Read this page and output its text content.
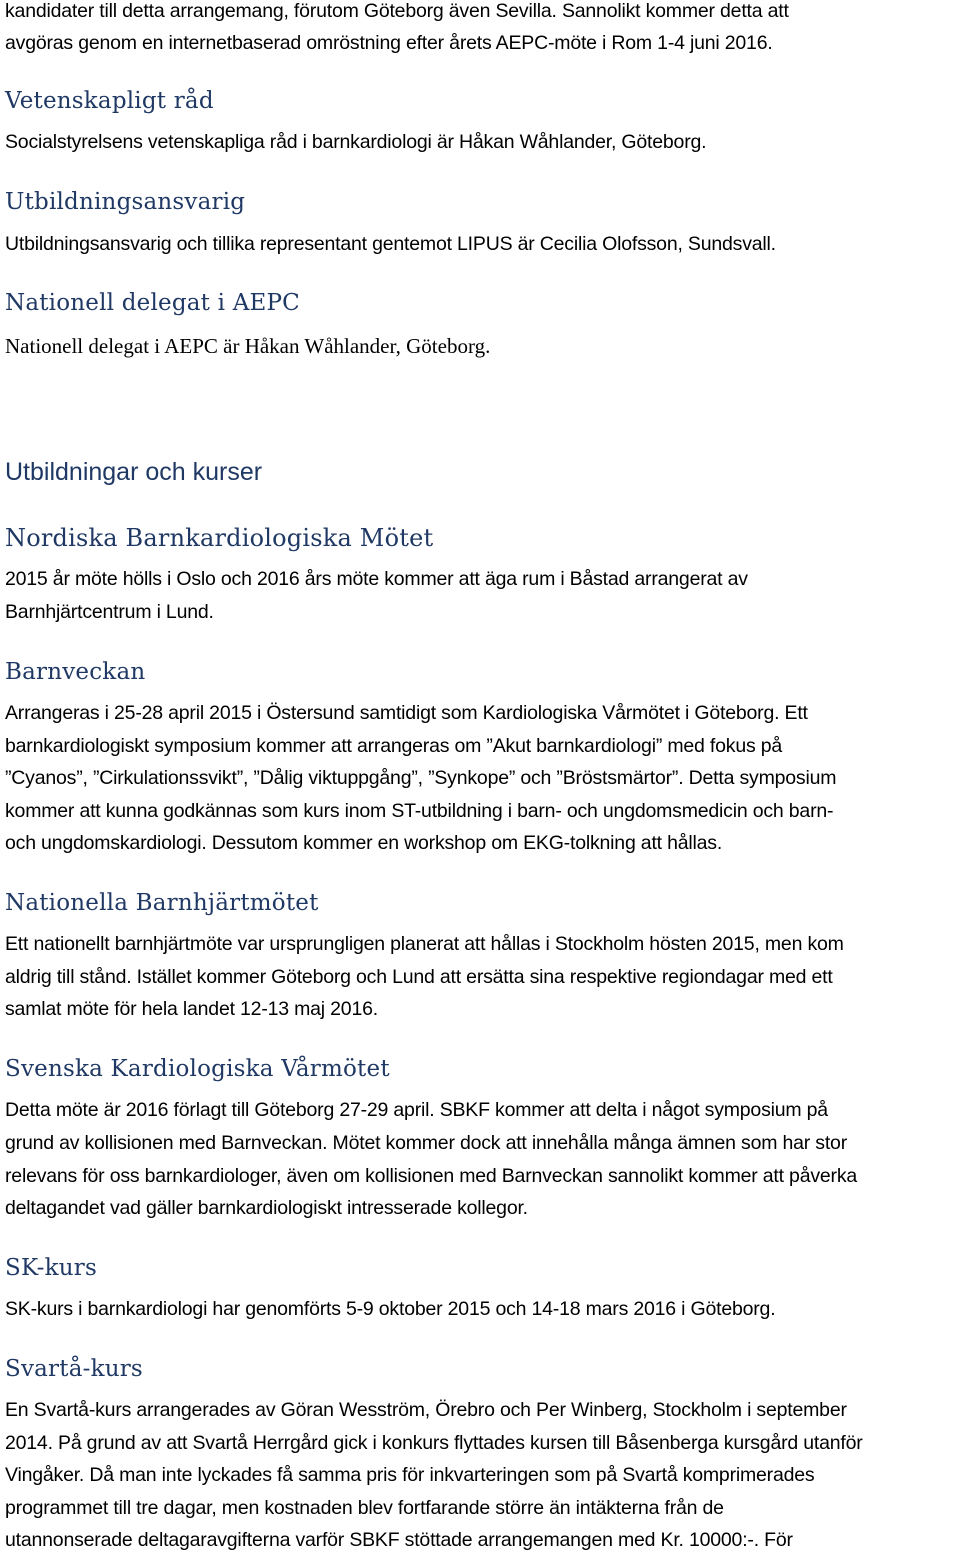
kandidater till detta arrangemang, förutom Göteborg även Sevilla. Sannolikt kommer detta att
avgöras genom en internetbaserad omröstning efter årets AEPC-möte i Rom 1-4 juni 2016.
Vetenskapligt råd
Socialstyrelsens vetenskapliga råd i barnkardiologi är Håkan Wåhlander, Göteborg.
Utbildningsansvarig
Utbildningsansvarig och tillika representant gentemot LIPUS är Cecilia Olofsson, Sundsvall.
Nationell delegat i AEPC
Nationell delegat i AEPC är Håkan Wåhlander, Göteborg.
Utbildningar och kurser
Nordiska Barnkardiologiska Mötet
2015 år möte hölls i Oslo och 2016 års möte kommer att äga rum i Båstad arrangerat av
Barnhjärtcentrum i Lund.
Barnveckan
Arrangeras i 25-28 april 2015 i Östersund samtidigt som Kardiologiska Vårmötet i Göteborg. Ett
barnkardiologiskt symposium kommer att arrangeras om ”Akut barnkardiologi” med fokus på
”Cyanos”, ”Cirkulationssvikt”, ”Dålig viktuppgång”, ”Synkope” och ”Bröstsmärtor”. Detta symposium
kommer att kunna godkännas som kurs inom ST-utbildning i barn- och ungdomsmedicin och barn-
och ungdomskardiologi. Dessutom kommer en workshop om EKG-tolkning att hållas.
Nationella Barnhjärtmötet
Ett nationellt barnhjärtmöte var ursprungligen planerat att hållas i Stockholm hösten 2015, men kom
aldrig till stånd. Istället kommer Göteborg och Lund att ersätta sina respektive regiondagar med ett
samlat möte för hela landet 12-13 maj 2016.
Svenska Kardiologiska Vårmötet
Detta möte är 2016 förlagt till Göteborg 27-29 april. SBKF kommer att delta i något symposium på
grund av kollisionen med Barnveckan. Mötet kommer dock att innehålla många ämnen som har stor
relevans för oss barnkardiologer, även om kollisionen med Barnveckan sannolikt kommer att påverka
deltagandet vad gäller barnkardiologiskt intresserade kollegor.
SK-kurs
SK-kurs i barnkardiologi har genomförts 5-9 oktober 2015 och 14-18 mars 2016 i Göteborg.
Svartå-kurs
En Svartå-kurs arrangerades av Göran Wesström, Örebro och Per Winberg, Stockholm i september
2014. På grund av att Svartå Herrgård gick i konkurs flyttades kursen till Båsenberga kursgård utanför
Vingåker. Då man inte lyckades få samma pris för inkvarteringen som på Svartå komprimerades
programmet till tre dagar, men kostnaden blev fortfarande större än intäkterna från de
utannonserade deltagaravgifterna varför SBKF stöttade arrangemangen med Kr. 10000:-. För
